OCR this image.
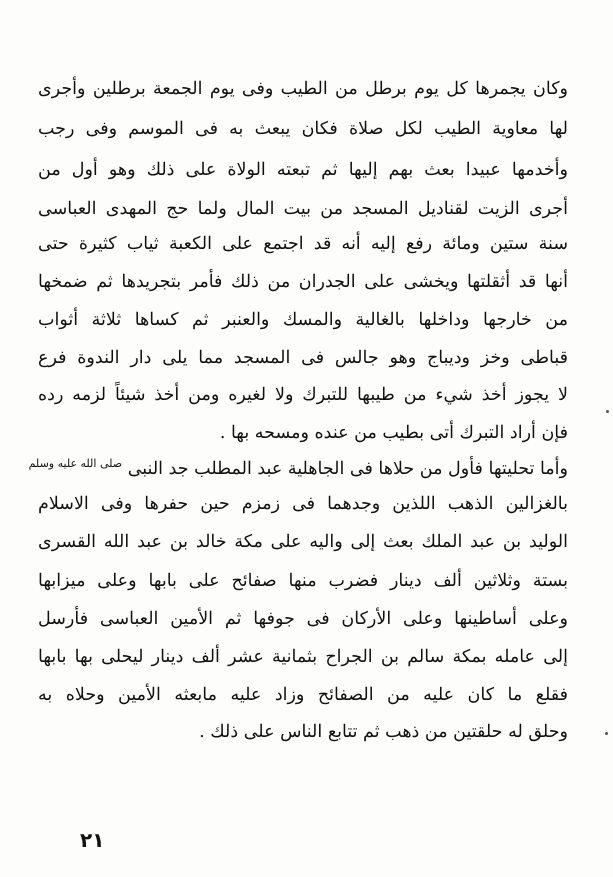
وكان يجمرها كل يوم برطل من الطيب وفى يوم الجمعة برطلين وأجرى
لها معاوية الطيب لكل صلاة فكان يبعث به فى الموسم وفى رجب
وأخدمها عبيدا بعث بهم إليها ثم تبعته الولاة على ذلك وهو أول من
أجرى الزيت لقناديل المسجد من بيت المال ولما حج المهدى العباسى
سنة ستين ومائة رفع إليه أنه قد اجتمع على الكعبة ثياب كثيرة حتى
أنها قد أثقلتها ويخشى على الجدران من ذلك فأمر بتجريدها ثم ضمخها
من خارجها وداخلها بالغالية والمسك والعنبر ثم كساها ثلاثة أثواب
قباطى وخز وديباج وهو جالس فى المسجد مما يلى دار الندوة فرع
لا يجوز أخذ شيء من طيبها للتبرك ولا لغيره ومن أخذ شيئاً لزمه رده
فإن أراد التبرك أتى بطيب من عنده ومسحه بها .
وأما تحليتها فأول من حلاها فى الجاهلية عبد المطلب جد النبى $^{صلى الله عليه وسلم}$
بالغزالين الذهب اللذين وجدهما فى زمزم حين حفرها وفى الاسلام
الوليد بن عبد الملك بعث إلى واليه على مكة خالد بن عبد الله القسرى
بستة وثلاثين ألف دينار فضرب منها صفائح على بابها وعلى ميزابها
وعلى أساطينها وعلى الأركان فى جوفها ثم الأمين العباسى فأرسل
إلى عامله بمكة سالم بن الجراح بثمانية عشر ألف دينار ليحلى بها بابها
فقلع ما كان عليه من الصفائح وزاد عليه مابعثه الأمين وحلاه به
وحلق له حلقتين من ذهب ثم تتابع الناس على ذلك .
٢١
